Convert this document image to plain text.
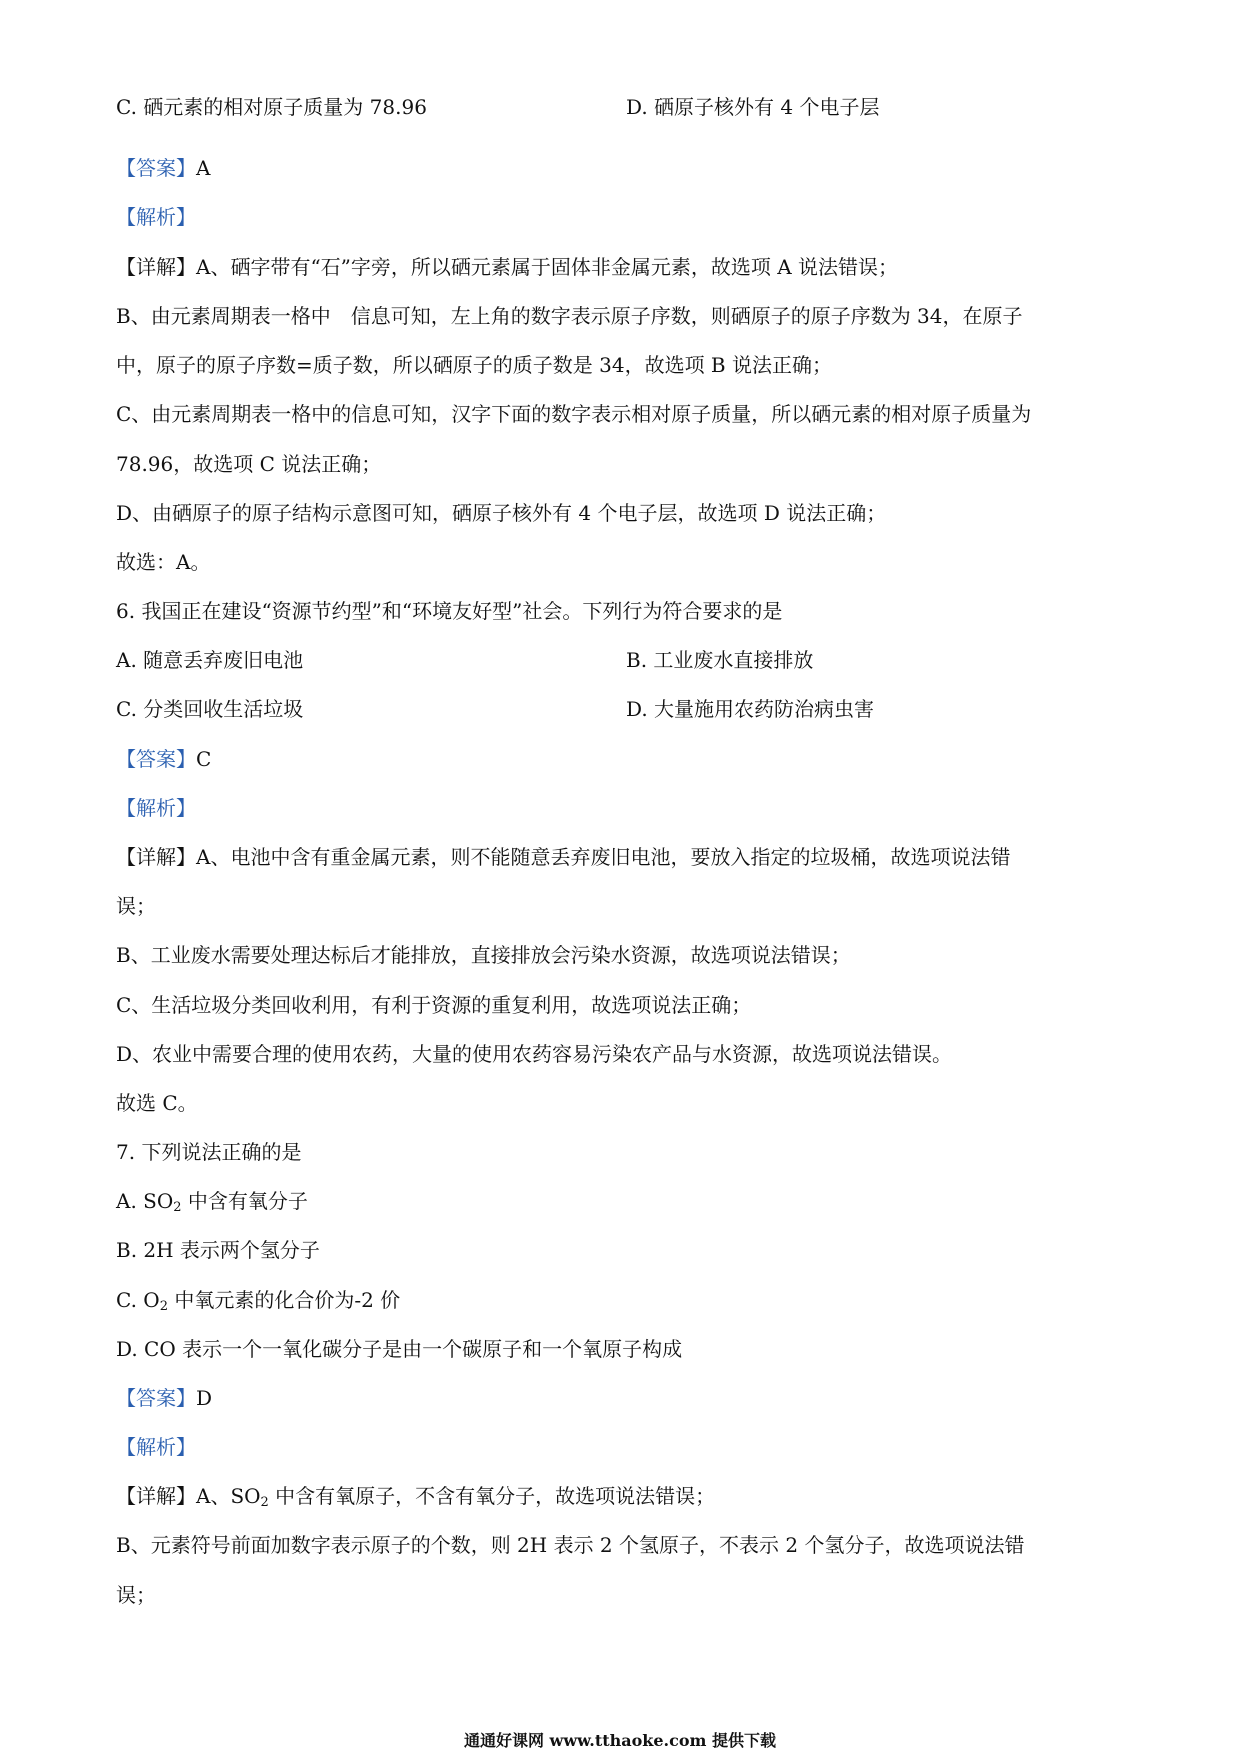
C. 硒元素的相对原子质量为 78.96	D. 硒原子核外有 4 个电子层
【答案】A
【解析】
【详解】A、硒字带有“石”字旁，所以硒元素属于固体非金属元素，故选项 A 说法错误；
B、由元素周期表一格中　信息可知，左上角的数字表示原子序数，则硒原子的原子序数为 34，在原子
中，原子的原子序数=质子数，所以硒原子的质子数是 34，故选项 B 说法正确；
C、由元素周期表一格中的信息可知，汉字下面的数字表示相对原子质量，所以硒元素的相对原子质量为
78.96，故选项 C 说法正确；
D、由硒原子的原子结构示意图可知，硒原子核外有 4 个电子层，故选项 D 说法正确；
故选：A。
6. 我国正在建设“资源节约型”和“环境友好型”社会。下列行为符合要求的是
A. 随意丢弃废旧电池	B. 工业废水直接排放
C. 分类回收生活垃圾	D. 大量施用农药防治病虫害
【答案】C
【解析】
【详解】A、电池中含有重金属元素，则不能随意丢弃废旧电池，要放入指定的垃圾桶，故选项说法错
误；
B、工业废水需要处理达标后才能排放，直接排放会污染水资源，故选项说法错误；
C、生活垃圾分类回收利用，有利于资源的重复利用，故选项说法正确；
D、农业中需要合理的使用农药，大量的使用农药容易污染农产品与水资源，故选项说法错误。
故选 C。
7. 下列说法正确的是
A. $SO_2$ 中含有氧分子
B. 2H 表示两个氢分子
C. $O_2$ 中氧元素的化合价为-2 价
D. CO 表示一个一氧化碳分子是由一个碳原子和一个氧原子构成
【答案】D
【解析】
【详解】A、$SO_2$ 中含有氧原子，不含有氧分子，故选项说法错误；
B、元素符号前面加数字表示原子的个数，则 2H 表示 2 个氢原子，不表示 2 个氢分子，故选项说法错
误；
通通好课网 www.tthaoke.com 提供下载
